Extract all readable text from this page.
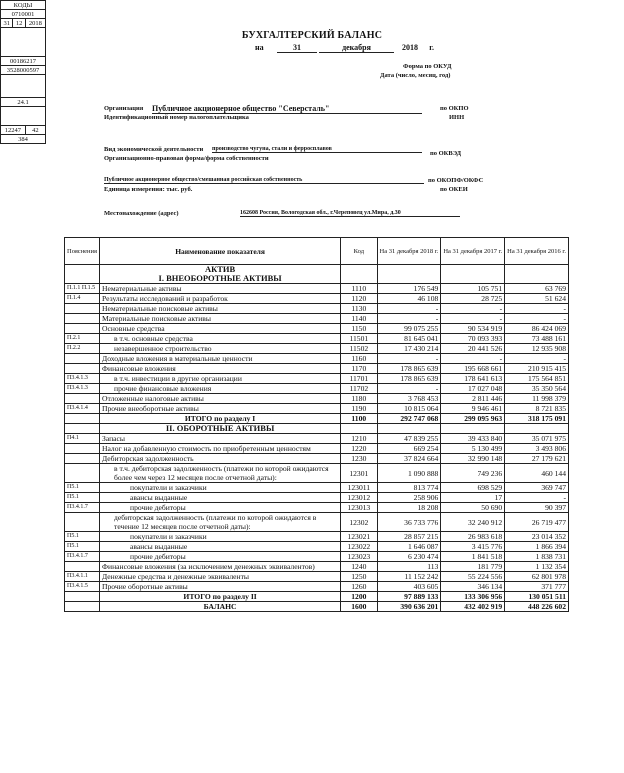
БУХГАЛТЕРСКИЙ БАЛАНС
на	31	декабря	2018 г.
КОДЫ		
0710001		
31	12	2018

00186217		
3528000597		

24.1		

12247		42
384		
Форма по ОКУД
Дата (число, месяц, год)
Организация Публичное акционерное общество "Северсталь"
Идентификационный номер налогоплательщика
по ОКПО
ИНН
Вид экономической деятельности производство чугуна, стали и ферросплавов
Организационно-правовая форма/форма собственности
по ОКВЭД
Публичное акционерное общество/смешанная российская собственность
Единица измерения: тыс. руб.
по ОКОПФ/ОКФС
по ОКЕИ
Местонахождение (адрес)	162608 Россия, Вологодская обл., г.Череповец ул.Мира, д.30
Пояснения	Наименование показателя	Код	На 31 декабря 2018 г.	На 31 декабря 2017 г.	На 31 декабря 2016 г.

	АКТИВ
I. ВНЕОБОРОТНЫЕ АКТИВЫ				

П.1.1 П.1.5	Нематериальные активы	1110	176 549	105 751	63 769
П.1.4	Результаты исследований и разработок	1120	46 108	28 725	51 624
	Нематериальные поисковые активы	1130	-	-	-
	Материальные поисковые активы	1140	-	-	-
	Основные средства	1150	99 075 255	90 534 919	86 424 069
П.2.1	в т.ч. основные средства	11501	81 645 041	70 093 393	73 488 161
П.2.2	незавершенное строительство	11502	17 430 214	20 441 526	12 935 908
	Доходные вложения в материальные ценности	1160	-	-	-
	Финансовые вложения	1170	178 865 639	195 668 661	210 915 415
П3.4.1.3	в т.ч. инвестиции в другие организации	11701	178 865 639	178 641 613	175 564 851
П3.4.1.3	прочие финансовые вложения	11702	-	17 027 048	35 350 564
	Отложенные налоговые активы	1180	3 768 453	2 811 446	11 998 379
П3.4.1.4	Прочие внеоборотные активы	1190	10 815 064	9 946 461	8 721 835
	ИТОГО по разделу I	1100	292 747 068	299 095 963	318 175 091
	II. ОБОРОТНЫЕ АКТИВЫ				
П4.1	Запасы	1210	47 839 255	39 433 840	35 071 975
	Налог на добавленную стоимость по приобретенным ценностям	1220	669 254	5 130 499	3 493 806
	Дебиторская задолженность	1230	37 824 664	32 990 148	27 179 621
	в т.ч. дебиторская задолженность (платежи по которой ожидаются более чем через 12 месяцев после отчетной даты):	12301	1 090 888	749 236	460 144
П5.1	покупатели и заказчики	123011	813 774	698 529	369 747
П5.1	авансы выданные	123012	258 906	17	-
П3.4.1.7	прочие дебиторы	123013	18 208	50 690	90 397
	дебиторская задолженность (платежи по которой ожидаются в течение 12 месяцев после отчетной даты):	12302	36 733 776	32 240 912	26 719 477
П5.1	покупатели и заказчики	123021	28 857 215	26 983 618	23 014 352
П5.1	авансы выданные	123022	1 646 087	3 415 776	1 866 394
П3.4.1.7	прочие дебиторы	123023	6 230 474	1 841 518	1 838 731
	Финансовые вложения (за исключением денежных эквивалентов)	1240	113	181 779	1 132 354
П3.4.1.1	Денежные средства и денежные эквиваленты	1250	11 152 242	55 224 556	62 801 978
П3.4.1.5	Прочие оборотные активы	1260	403 605	346 134	371 777
	ИТОГО по разделу II	1200	97 889 133	133 306 956	130 051 511
	БАЛАНС	1600	390 636 201	432 402 919	448 226 602
